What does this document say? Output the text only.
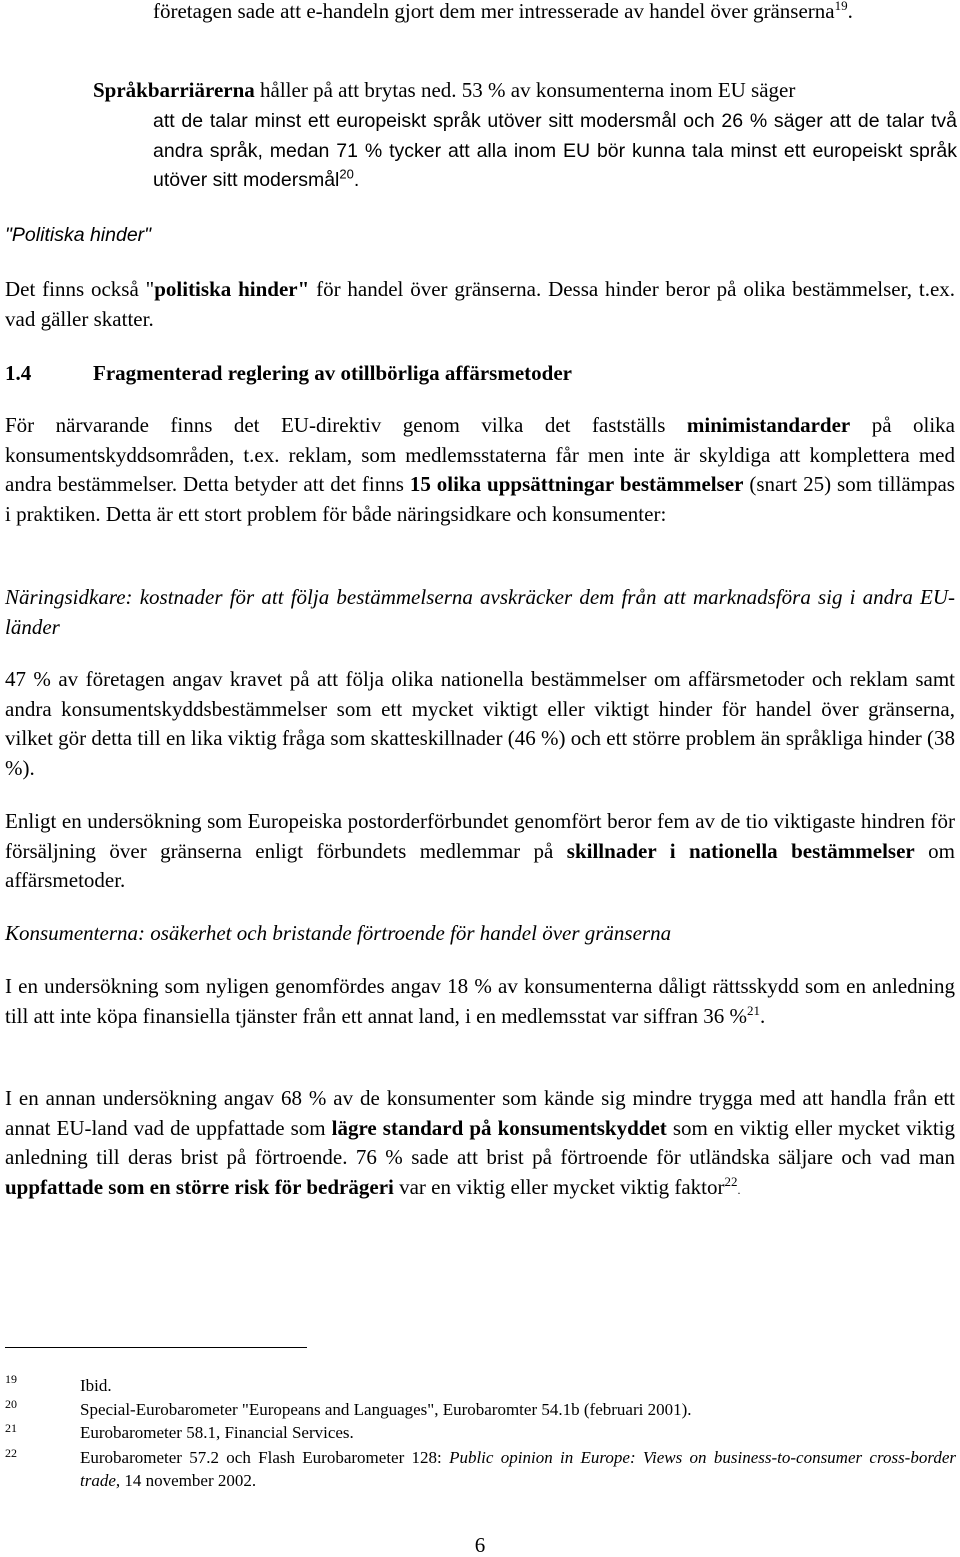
företagen sade att e-handeln gjort dem mer intresserade av handel över gränserna$^{19}$.

Språkbarriärerna håller på att brytas ned. 53 % av konsumenterna inom EU säger

att de talar minst ett europeiskt språk utöver sitt modersmål och 26 % säger att de talar två andra språk, medan 71 % tycker att alla inom EU bör kunna tala minst ett europeiskt språk utöver sitt modersmål$^{20}$.

"Politiska hinder"

Det finns också "politiska hinder" för handel över gränserna. Dessa hinder beror på olika bestämmelser, t.ex. vad gäller skatter.

1.4	Fragmenterad reglering av otillbörliga affärsmetoder

För närvarande finns det EU-direktiv genom vilka det fastställs minimistandarder på olika konsumentskyddsområden, t.ex. reklam, som medlemsstaterna får men inte är skyldiga att komplettera med andra bestämmelser. Detta betyder att det finns 15 olika uppsättningar bestämmelser (snart 25) som tillämpas i praktiken. Detta är ett stort problem för både näringsidkare och konsumenter:

Näringsidkare: kostnader för att följa bestämmelserna avskräcker dem från att marknadsföra sig i andra EU-länder

47 % av företagen angav kravet på att följa olika nationella bestämmelser om affärsmetoder och reklam samt andra konsumentskyddsbestämmelser som ett mycket viktigt eller viktigt hinder för handel över gränserna, vilket gör detta till en lika viktig fråga som skatteskillnader (46 %) och ett större problem än språkliga hinder (38 %).

Enligt en undersökning som Europeiska postorderförbundet genomfört beror fem av de tio viktigaste hindren för försäljning över gränserna enligt förbundets medlemmar på skillnader i nationella bestämmelser om affärsmetoder.

Konsumenterna: osäkerhet och bristande förtroende för handel över gränserna

I en undersökning som nyligen genomfördes angav 18 % av konsumenterna dåligt rättsskydd som en anledning till att inte köpa finansiella tjänster från ett annat land, i en medlemsstat var siffran 36 %$^{21}$.

I en annan undersökning angav 68 % av de konsumenter som kände sig mindre trygga med att handla från ett annat EU-land vad de uppfattade som lägre standard på konsumentskyddet som en viktig eller mycket viktig anledning till deras brist på förtroende. 76 % sade att brist på förtroende för utländska säljare och vad man uppfattade som en större risk för bedrägeri var en viktig eller mycket viktig faktor$^{22}$.

19	Ibid.
20	Special-Eurobarometer "Europeans and Languages", Eurobaromter 54.1b (februari 2001).
21	Eurobarometer 58.1, Financial Services.
22	Eurobarometer 57.2 och Flash Eurobarometer 128: Public opinion in Europe: Views on business-to-consumer cross-border trade, 14 november 2002.

6
